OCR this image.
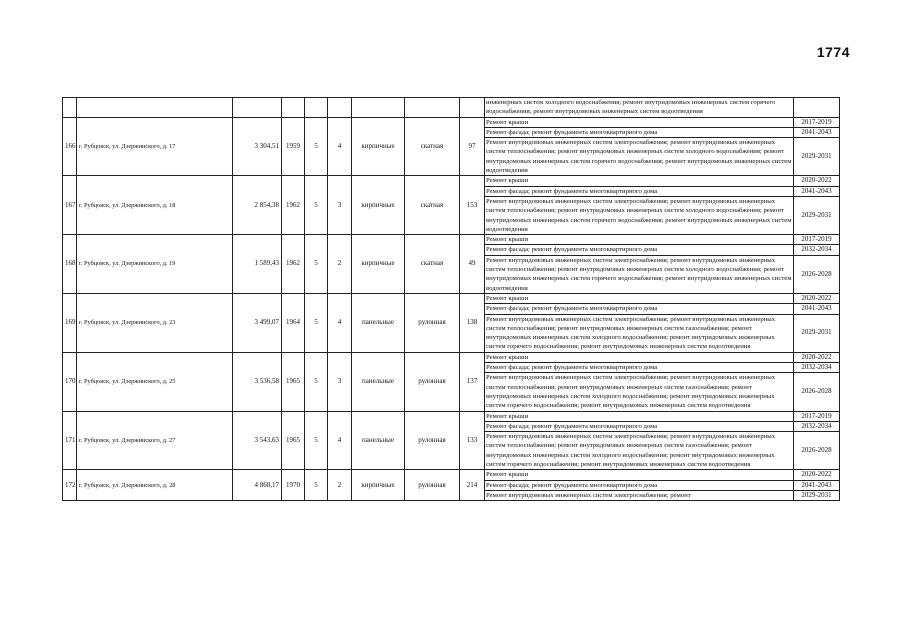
1774
									инженерных систем холодного водоснабжения; ремонт внутридомовых инженерных систем горячего водоснабжения; ремонт внутридомовых инженерных систем водоотведения	
166	г. Рубцовск, ул. Дзержинского, д. 17	3 304,51	1959	5	4	кирпичные	скатная	97	Ремонт крыши	2017-2019
									Ремонт фасада; ремонт фундамента многоквартирного дома	2041-2043
									Ремонт внутридомовых инженерных систем электроснабжения; ремонт внутридомовых инженерных систем теплоснабжения; ремонт внутридомовых инженерных систем холодного водоснабжения; ремонт внутридомовых инженерных систем горячего водоснабжения; ремонт внутридомовых инженерных систем водоотведения	2029-2031
167	г. Рубцовск, ул. Дзержинского, д. 18	2 854,38	1962	5	3	кирпичные	скатная	153	Ремонт крыши	2020-2022
									Ремонт фасада; ремонт фундамента многоквартирного дома	2041-2043
									Ремонт внутридомовых инженерных систем электроснабжения; ремонт внутридомовых инженерных систем теплоснабжения; ремонт внутридомовых инженерных систем холодного водоснабжения; ремонт внутридомовых инженерных систем горячего водоснабжения; ремонт внутридомовых инженерных систем водоотведения	2029-2031
168	г. Рубцовск, ул. Дзержинского, д. 19	1 589,43	1962	5	2	кирпичные	скатная	49	Ремонт крыши	2017-2019
									Ремонт фасада; ремонт фундамента многоквартирного дома	2032-2034
									Ремонт внутридомовых инженерных систем электроснабжения; ремонт внутридомовых инженерных систем теплоснабжения; ремонт внутридомовых инженерных систем холодного водоснабжения; ремонт внутридомовых инженерных систем горячего водоснабжения; ремонт внутридомовых инженерных систем водоотведения	2026-2028
169	г. Рубцовск, ул. Дзержинского, д. 23	3 499,07	1964	5	4	панельные	рулонная	138	Ремонт крыши	2020-2022
									Ремонт фасада; ремонт фундамента многоквартирного дома	2041-2043
									Ремонт внутридомовых инженерных систем электроснабжения; ремонт внутридомовых инженерных систем теплоснабжения; ремонт внутридомовых инженерных систем газоснабжения; ремонт внутридомовых инженерных систем холодного водоснабжения; ремонт внутридомовых инженерных систем горячего водоснабжения; ремонт внутридомовых инженерных систем водоотведения	2029-2031
170	г. Рубцовск, ул. Дзержинского, д. 25	3 536,58	1965	5	3	панельные	рулонная	137	Ремонт крыши	2020-2022
									Ремонт фасада; ремонт фундамента многоквартирного дома	2032-2034
									Ремонт внутридомовых инженерных систем электроснабжения; ремонт внутридомовых инженерных систем теплоснабжения; ремонт внутридомовых инженерных систем газоснабжения; ремонт внутридомовых инженерных систем холодного водоснабжения; ремонт внутридомовых инженерных систем горячего водоснабжения; ремонт внутридомовых инженерных систем водоотведения	2026-2028
171	г. Рубцовск, ул. Дзержинского, д. 27	3 543,63	1965	5	4	панельные	рулонная	133	Ремонт крыши	2017-2019
									Ремонт фасада; ремонт фундамента многоквартирного дома	2032-2034
									Ремонт внутридомовых инженерных систем электроснабжения; ремонт внутридомовых инженерных систем теплоснабжения; ремонт внутридомовых инженерных систем газоснабжения; ремонт внутридомовых инженерных систем холодного водоснабжения; ремонт внутридомовых инженерных систем горячего водоснабжения; ремонт внутридомовых инженерных систем водоотведения	2026-2028
172	г. Рубцовск, ул. Дзержинского, д. 28	4 868,17	1970	5	2	кирпичные	рулонная	214	Ремонт крыши	2020-2022
									Ремонт фасада; ремонт фундамента многоквартирного дома	2041-2043
									Ремонт внутридомовых инженерных систем электроснабжения; ремонт	2029-2031
